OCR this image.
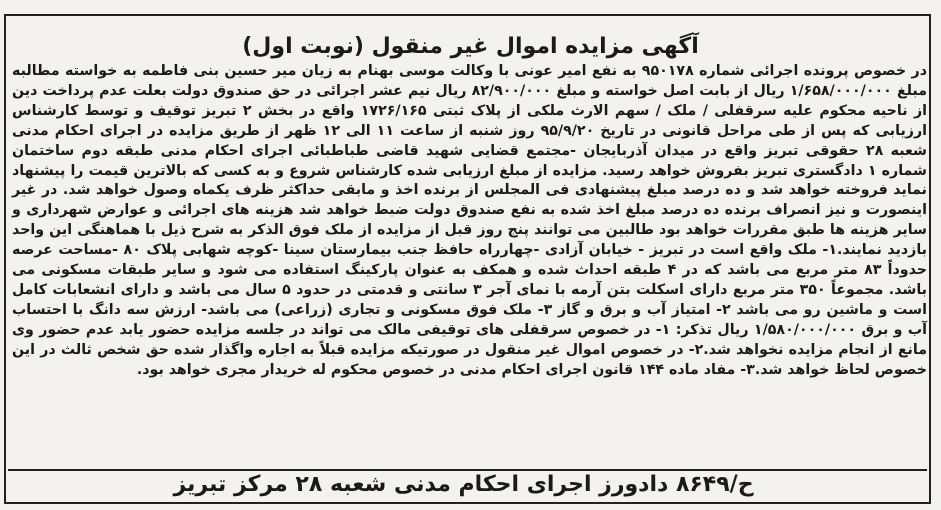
آگهی مزایده اموال غیر منقول (نوبت اول)

در خصوص پرونده اجرائی شماره ۹۵۰۱۷۸ به نفع امیر عونی با وکالت موسی بهنام به زیان میر حسین بنی فاطمه به خواسته مطالبه مبلغ ۱/۶۵۸/۰۰۰/۰۰۰ ریال از بابت اصل خواسته و مبلغ ۸۲/۹۰۰/۰۰۰ ریال نیم عشر اجرائی در حق صندوق دولت بعلت عدم پرداخت دین از ناحیه محکوم علیه سرقفلی / ملک / سهم الارث ملکی از پلاک ثبتی ۱۷۲۶/۱۶۵ واقع در بخش ۲ تبریز توقیف و توسط کارشناس ارزیابی که پس از طی مراحل قانونی در تاریخ ۹۵/۹/۲۰ روز شنبه از ساعت ۱۱ الی ۱۲ ظهر از طریق مزایده در اجرای احکام مدنی شعبه ۲۸ حقوقی تبریز واقع در میدان آذربایجان -مجتمع قضایی شهید قاضی طباطبائی اجرای احکام مدنی طبقه دوم ساختمان شماره ۱ دادگستری تبریز بفروش خواهد رسید. مزایده از مبلغ ارزیابی شده کارشناس شروع و به کسی که بالاترین قیمت را پیشنهاد نماید فروخته خواهد شد و ده درصد مبلغ پیشنهادی فی المجلس از برنده اخذ و مابقی حداکثر ظرف یکماه وصول خواهد شد. در غیر اینصورت و نیز انصراف برنده ده درصد مبلغ اخذ شده به نفع صندوق دولت ضبط خواهد شد هزینه های اجرائی و عوارض شهرداری و سایر هزینه ها طبق مقررات خواهد بود طالبین می توانند پنج روز قبل از مزایده از ملک فوق الذکر به شرح ذیل با هماهنگی این واحد بازدید نمایند.۱- ملک واقع است در تبریز - خیابان آزادی -چهارراه حافظ جنب بیمارستان سینا -کوچه شهابی پلاک ۸۰ -مساحت عرصه حدوداً ۸۳ متر مربع می باشد که در ۴ طبقه احداث شده و همکف به عنوان پارکینگ استفاده می شود و سایر طبقات مسکونی می باشد. مجموعاً ۳۵۰ متر مربع دارای اسکلت بتن آرمه با نمای آجر ۳ سانتی و قدمتی در حدود ۵ سال می باشد و دارای انشعابات کامل است و ماشین رو می باشد ۲- امتیاز آب و برق و گاز ۳- ملک فوق مسکونی و تجاری (زراعی) می باشد- ارزش سه دانگ با احتساب آب و برق ۱/۵۸۰/۰۰۰/۰۰۰ ریال تذکر: ۱- در خصوص سرقفلی های توقیفی مالک می تواند در جلسه مزایده حضور یابد عدم حضور وی مانع از انجام مزایده نخواهد شد.۲- در خصوص اموال غیر منقول در صورتیکه مزایده قبلاً به اجاره واگذار شده حق شخص ثالث در این خصوص لحاظ خواهد شد.۳- مفاد ماده ۱۴۴ قانون اجرای احکام مدنی در خصوص محکوم له خریدار مجری خواهد بود.

ح/۸۶۴۹ دادورز اجرای احکام مدنی شعبه ۲۸ مرکز تبریز
